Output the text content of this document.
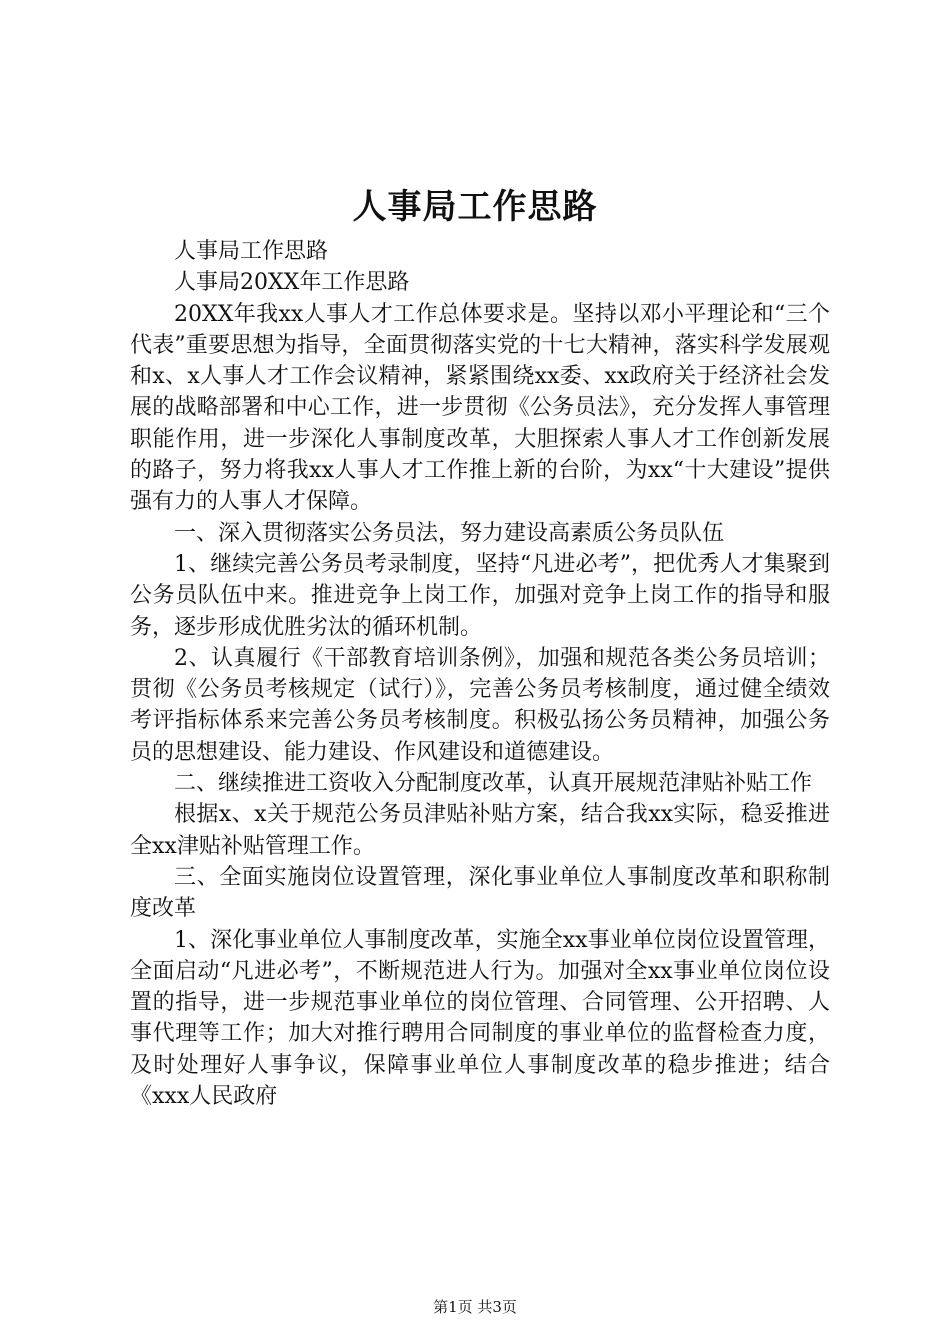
人事局工作思路

人事局工作思路

人事局20XX年工作思路

20XX年我xx人事人才工作总体要求是。坚持以邓小平理论和“三个代表”重要思想为指导，全面贯彻落实党的十七大精神，落实科学发展观和x、x人事人才工作会议精神，紧紧围绕xx委、xx政府关于经济社会发展的战略部署和中心工作，进一步贯彻《公务员法》，充分发挥人事管理职能作用，进一步深化人事制度改革，大胆探索人事人才工作创新发展的路子，努力将我xx人事人才工作推上新的台阶，为xx“十大建设”提供强有力的人事人才保障。

一、深入贯彻落实公务员法，努力建设高素质公务员队伍

1、继续完善公务员考录制度，坚持“凡进必考”，把优秀人才集聚到公务员队伍中来。推进竞争上岗工作，加强对竞争上岗工作的指导和服务，逐步形成优胜劣汰的循环机制。

2、认真履行《干部教育培训条例》，加强和规范各类公务员培训；贯彻《公务员考核规定（试行）》，完善公务员考核制度，通过健全绩效考评指标体系来完善公务员考核制度。积极弘扬公务员精神，加强公务员的思想建设、能力建设、作风建设和道德建设。

二、继续推进工资收入分配制度改革，认真开展规范津贴补贴工作

根据x、x关于规范公务员津贴补贴方案，结合我xx实际，稳妥推进全xx津贴补贴管理工作。

三、全面实施岗位设置管理，深化事业单位人事制度改革和职称制度改革

1、深化事业单位人事制度改革，实施全xx事业单位岗位设置管理，全面启动“凡进必考”，不断规范进人行为。加强对全xx事业单位岗位设置的指导，进一步规范事业单位的岗位管理、合同管理、公开招聘、人事代理等工作；加大对推行聘用合同制度的事业单位的监督检查力度，及时处理好人事争议，保障事业单位人事制度改革的稳步推进；结合《xxx人民政府

第1页 共3页
